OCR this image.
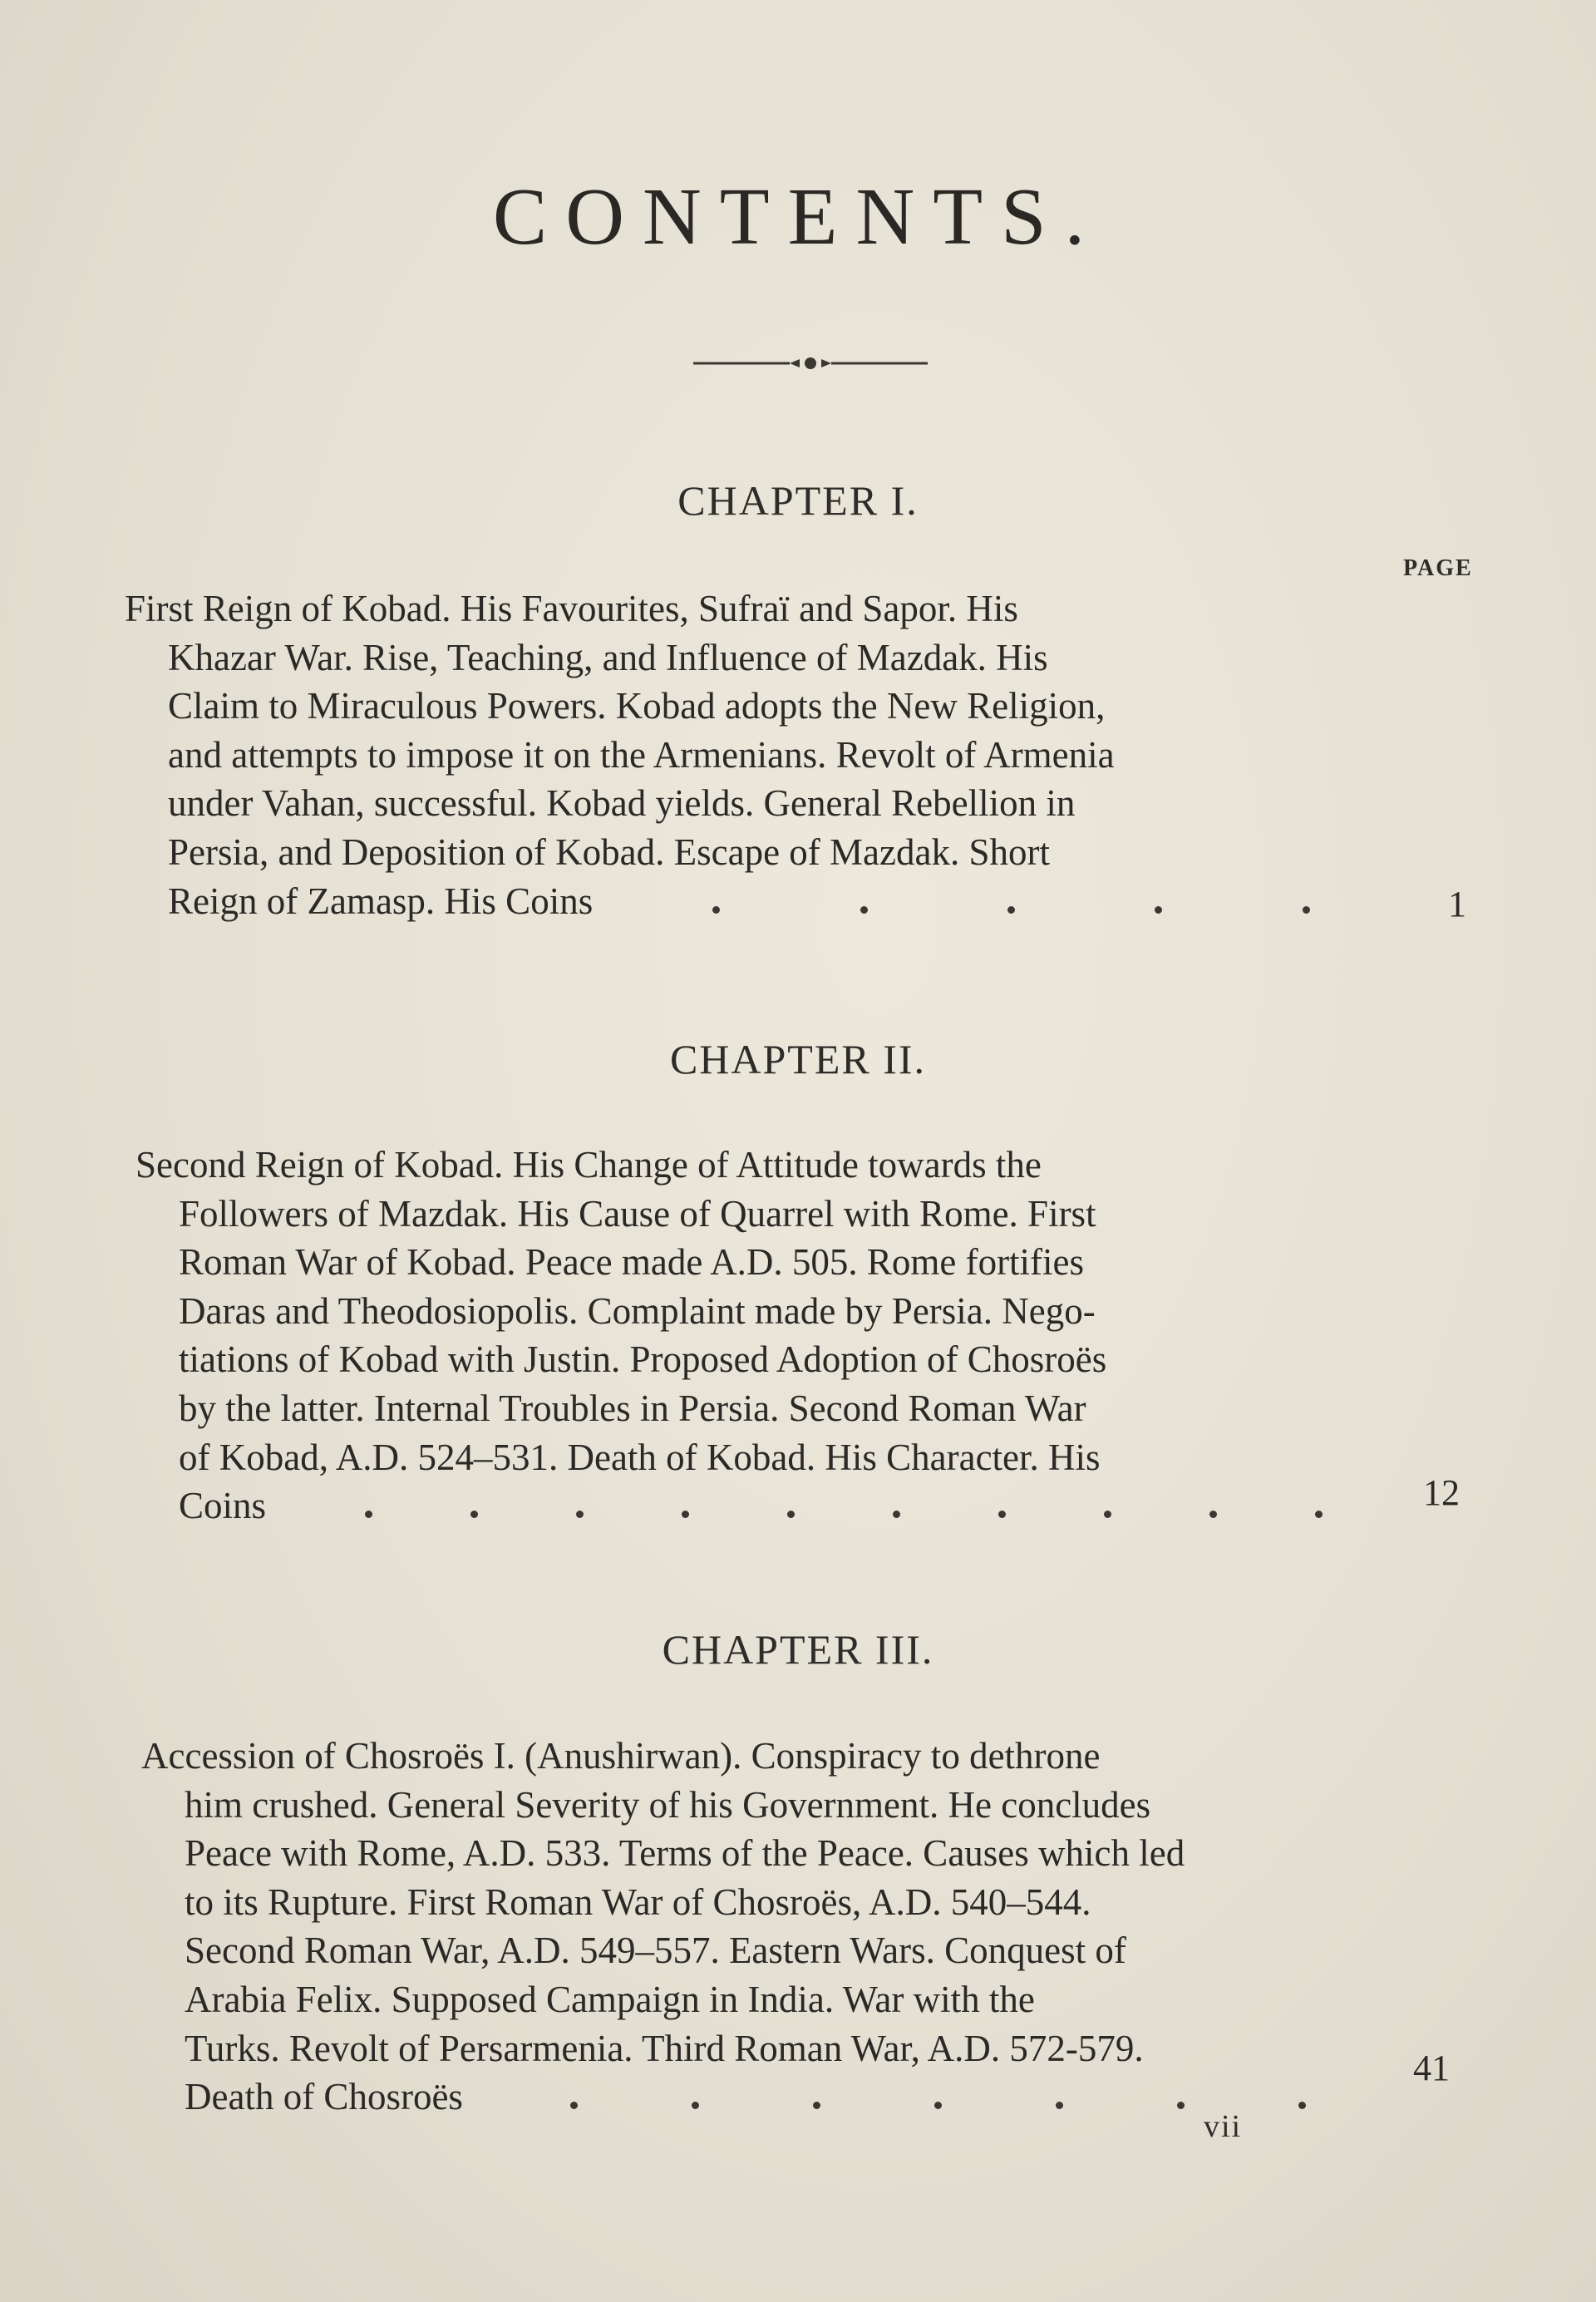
CONTENTS.
CHAPTER I.
PAGE
First Reign of Kobad. His Favourites, Sufraï and Sapor. His
Khazar War. Rise, Teaching, and Influence of Mazdak. His
Claim to Miraculous Powers. Kobad adopts the New Religion,
and attempts to impose it on the Armenians. Revolt of Armenia
under Vahan, successful. Kobad yields. General Rebellion in
Persia, and Deposition of Kobad. Escape of Mazdak. Short
Reign of Zamasp. His Coins	1
CHAPTER II.
Second Reign of Kobad. His Change of Attitude towards the
Followers of Mazdak. His Cause of Quarrel with Rome. First
Roman War of Kobad. Peace made A.D. 505. Rome fortifies
Daras and Theodosiopolis. Complaint made by Persia. Nego-
tiations of Kobad with Justin. Proposed Adoption of Chosroës
by the latter. Internal Troubles in Persia. Second Roman War
of Kobad, A.D. 524–531. Death of Kobad. His Character. His
Coins	12
CHAPTER III.
Accession of Chosroës I. (Anushirwan). Conspiracy to dethrone
him crushed. General Severity of his Government. He concludes
Peace with Rome, A.D. 533. Terms of the Peace. Causes which led
to its Rupture. First Roman War of Chosroës, A.D. 540–544.
Second Roman War, A.D. 549–557. Eastern Wars. Conquest of
Arabia Felix. Supposed Campaign in India. War with the
Turks. Revolt of Persarmenia. Third Roman War, A.D. 572-579.
Death of Chosroës
41
vii
